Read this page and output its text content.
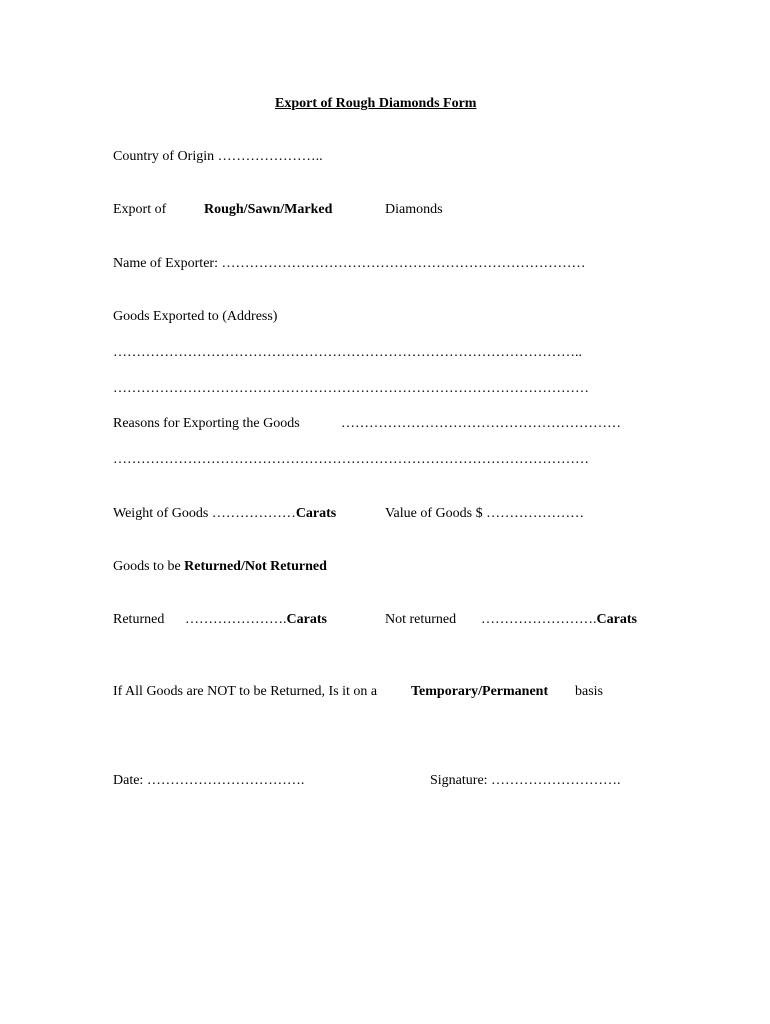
Export of Rough Diamonds Form
Country of Origin …………………..
Export of	Rough/Sawn/Marked	Diamonds
Name of Exporter: ……………………………………………………………………
Goods Exported to (Address)
………………………………………………………………………………………..
…………………………………………………………………………………………
Reasons for Exporting the Goods	……………………………………………………
…………………………………………………………………………………………
Weight of Goods ………………Carats	Value of Goods $ …………………
Goods to be Returned/Not Returned
Returned ………………….Carats	Not returned …………………….Carats
If All Goods are NOT to be Returned, Is it on a Temporary/Permanent basis
Date: …………………………….	Signature: ……………………….
